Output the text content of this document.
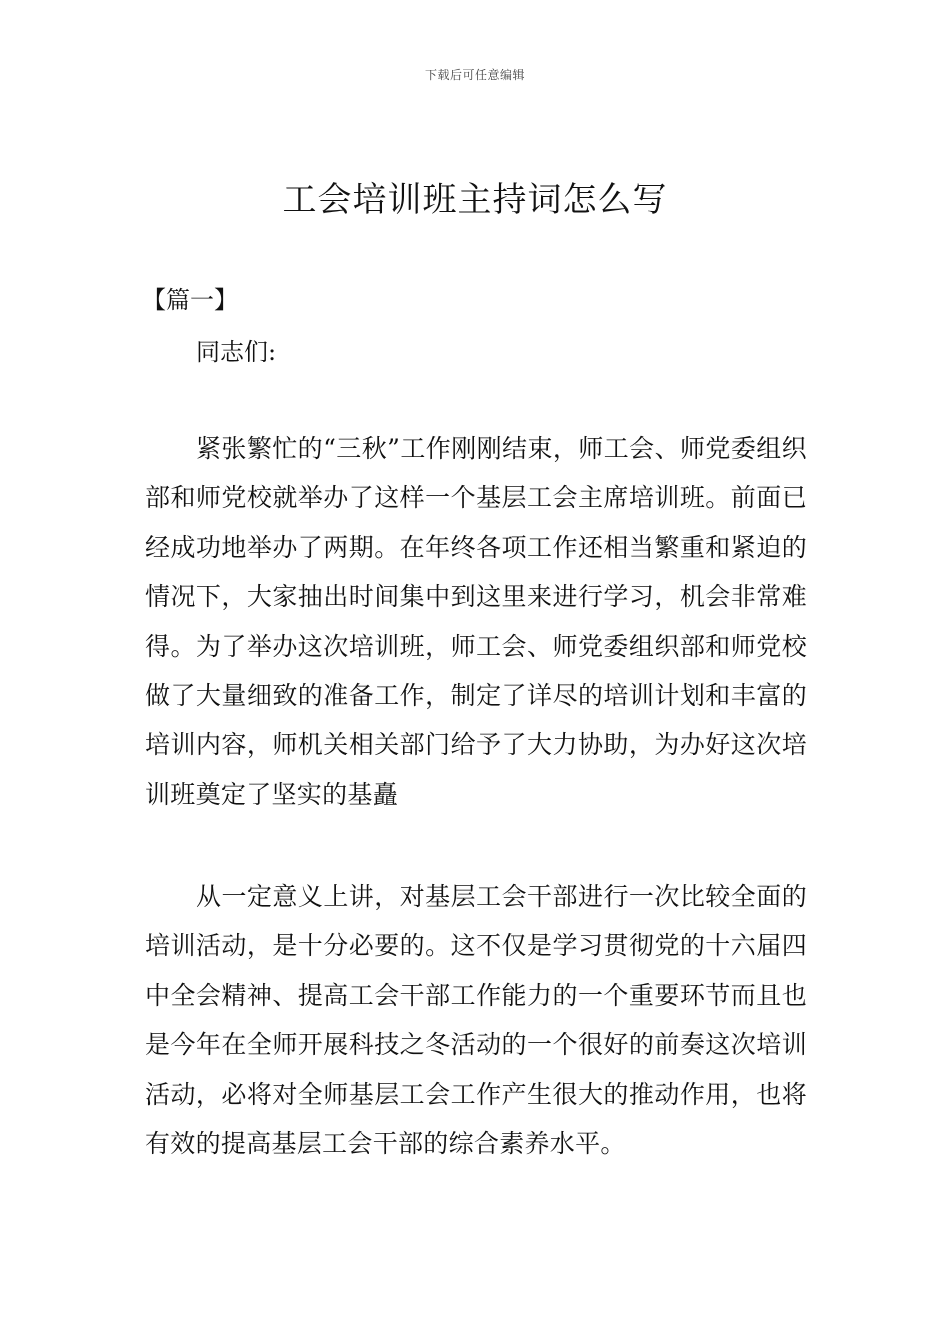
下载后可任意编辑
工会培训班主持词怎么写

【篇一】

同志们:

紧张繁忙的“三秋”工作刚刚结束，师工会、师党委组织部和师党校就举办了这样一个基层工会主席培训班。前面已经成功地举办了两期。在年终各项工作还相当繁重和紧迫的情况下，大家抽出时间集中到这里来进行学习，机会非常难得。为了举办这次培训班，师工会、师党委组织部和师党校做了大量细致的准备工作，制定了详尽的培训计划和丰富的培训内容，师机关相关部门给予了大力协助，为办好这次培训班奠定了坚实的基矗

从一定意义上讲，对基层工会干部进行一次比较全面的培训活动，是十分必要的。这不仅是学习贯彻党的十六届四中全会精神、提高工会干部工作能力的一个重要环节而且也是今年在全师开展科技之冬活动的一个很好的前奏这次培训活动，必将对全师基层工会工作产生很大的推动作用，也将有效的提高基层工会干部的综合素养水平。
